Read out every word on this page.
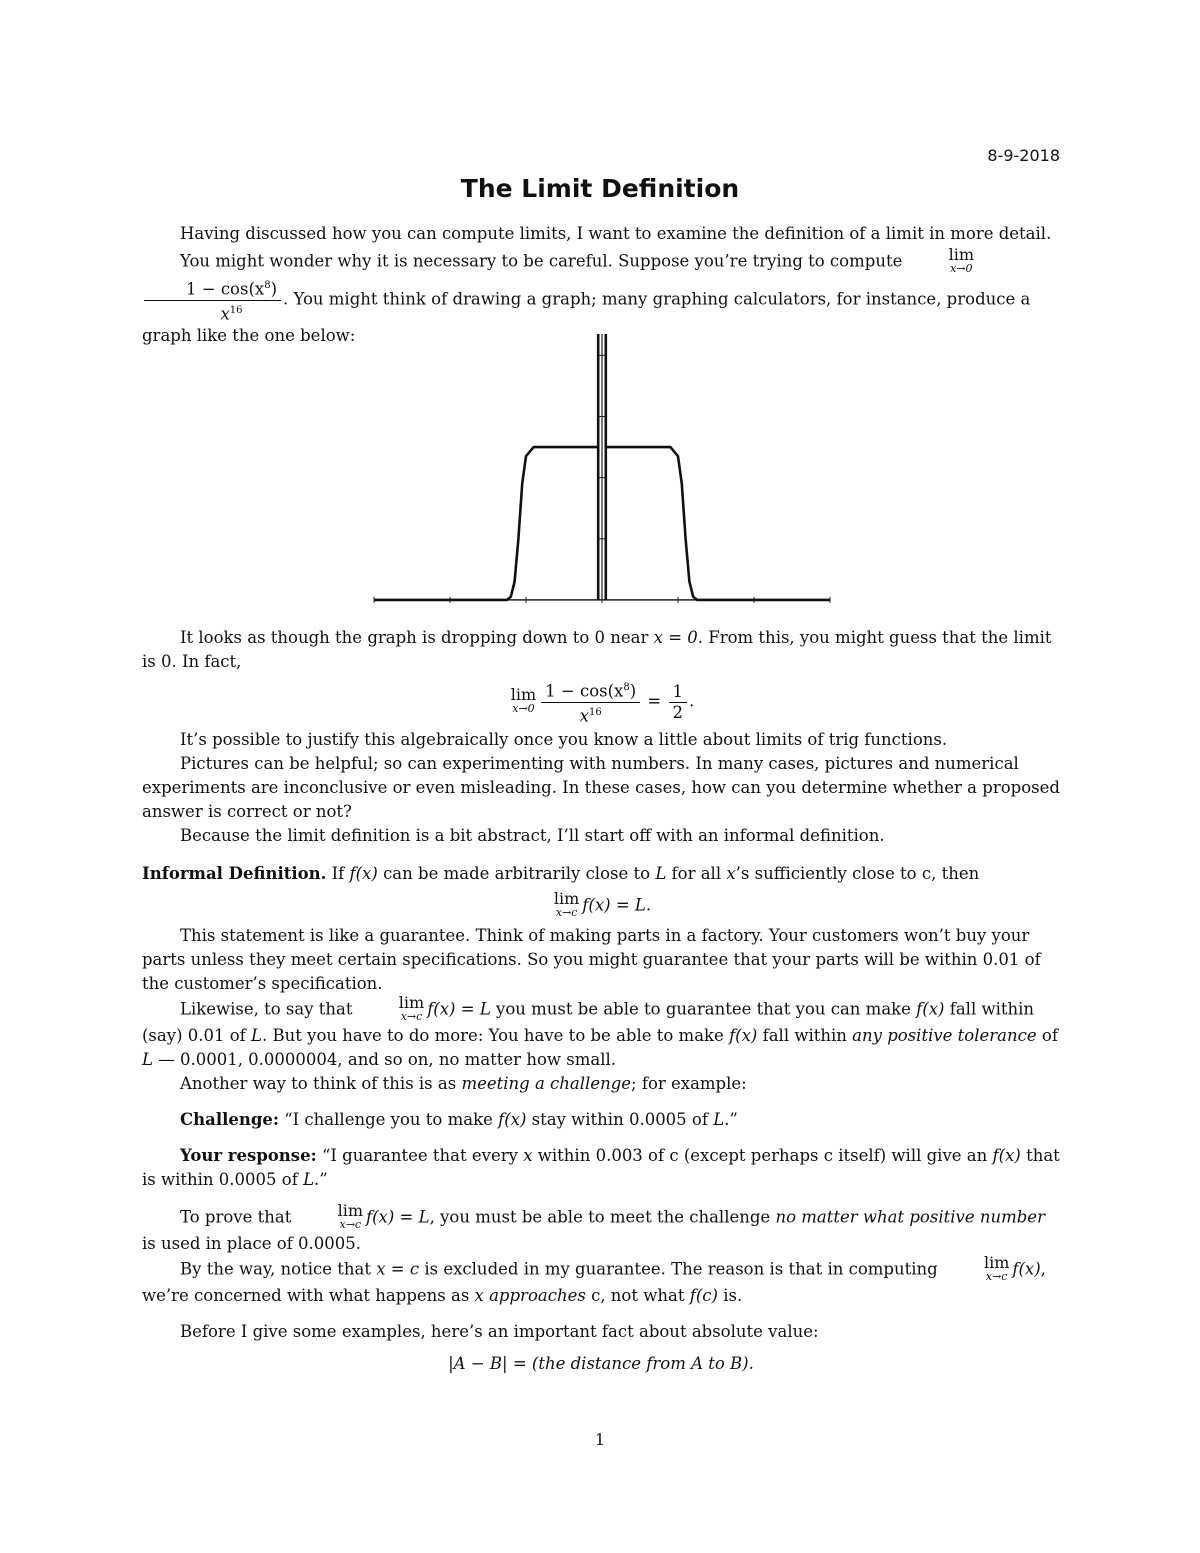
8-9-2018
The Limit Definition

Having discussed how you can compute limits, I want to examine the definition of a limit in more detail.

You might wonder why it is necessary to be careful. Suppose you’re trying to compute	lim
x→0
$\frac{1 - \cos(x^8)}{x^{16}}$ . You might think of drawing a graph; many graphing calculators, for instance, produce a graph like the one below:

It looks as though the graph is dropping down to 0 near x = 0. From this, you might guess that the limit is 0. In fact,

lim
$x\to 0 \frac{1 - \cos(x^8)}{x^{16}} = \frac{1}{2}$ .

It’s possible to justify this algebraically once you know a little about limits of trig functions.

Pictures can be helpful; so can experimenting with numbers. In many cases, pictures and numerical experiments are inconclusive or even misleading. In these cases, how can you determine whether a proposed answer is correct or not?

Because the limit definition is a bit abstract, I’ll start off with an informal definition.

Informal Definition. If f(x) can be made arbitrarily close to L for all x’s sufficiently close to c, then

lim
x→c f(x) = L.

This statement is like a guarantee. Think of making parts in a factory. Your customers won’t buy your parts unless they meet certain specifications. So you might guarantee that your parts will be within 0.01 of the customer’s specification.

Likewise, to say that	lim
x→c f(x) = L you must be able to guarantee that you can make f(x) fall within (say) 0.01 of L. But you have to do more: You have to be able to make f(x) fall within any positive tolerance of L — 0.0001, 0.0000004, and so on, no matter how small.

Another way to think of this is as meeting a challenge; for example:

Challenge: “I challenge you to make f(x) stay within 0.0005 of L.”

Your response: “I guarantee that every x within 0.003 of c (except perhaps c itself) will give an f(x) that is within 0.0005 of L.”

To prove that	lim
x→c f(x) = L, you must be able to meet the challenge no matter what positive number is used in place of 0.0005.

By the way, notice that x = c is excluded in my guarantee. The reason is that in computing	lim
x→c f(x), we’re concerned with what happens as x approaches c, not what f(c) is.

Before I give some examples, here’s an important fact about absolute value:

|A − B| = (the distance from A to B).
1
